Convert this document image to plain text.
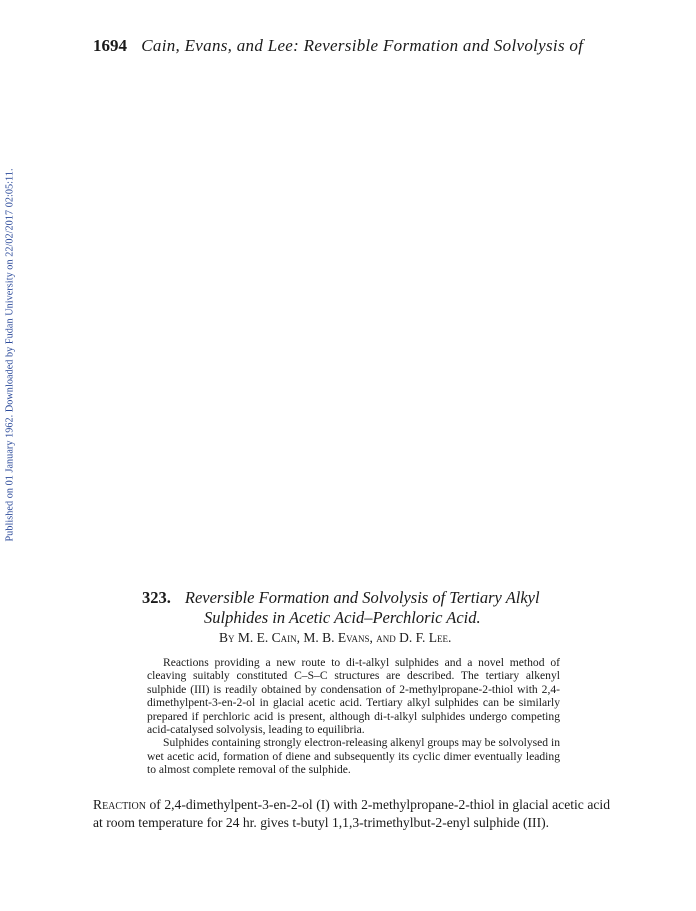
1694 Cain, Evans, and Lee: Reversible Formation and Solvolysis of
Published on 01 January 1962. Downloaded by Fudan University on 22/02/2017 02:05:11.
323. Reversible Formation and Solvolysis of Tertiary Alkyl
Sulphides in Acetic Acid–Perchloric Acid.
By M. E. Cain, M. B. Evans, and D. F. Lee.

Reactions providing a new route to di-t-alkyl sulphides and a novel method of cleaving suitably constituted C–S–C structures are described. The tertiary alkenyl sulphide (III) is readily obtained by condensation of 2-methylpropane-2-thiol with 2,4-dimethylpent-3-en-2-ol in glacial acetic acid. Tertiary alkyl sulphides can be similarly prepared if perchloric acid is present, although di-t-alkyl sulphides undergo competing acid-catalysed solvolysis, leading to equilibria.

Sulphides containing strongly electron-releasing alkenyl groups may be solvolysed in wet acetic acid, formation of diene and subsequently its cyclic dimer eventually leading to almost complete removal of the sulphide.

Reaction of 2,4-dimethylpent-3-en-2-ol (I) with 2-methylpropane-2-thiol in glacial acetic acid at room temperature for 24 hr. gives t-butyl 1,1,3-trimethylbut-2-enyl sulphide (III).
